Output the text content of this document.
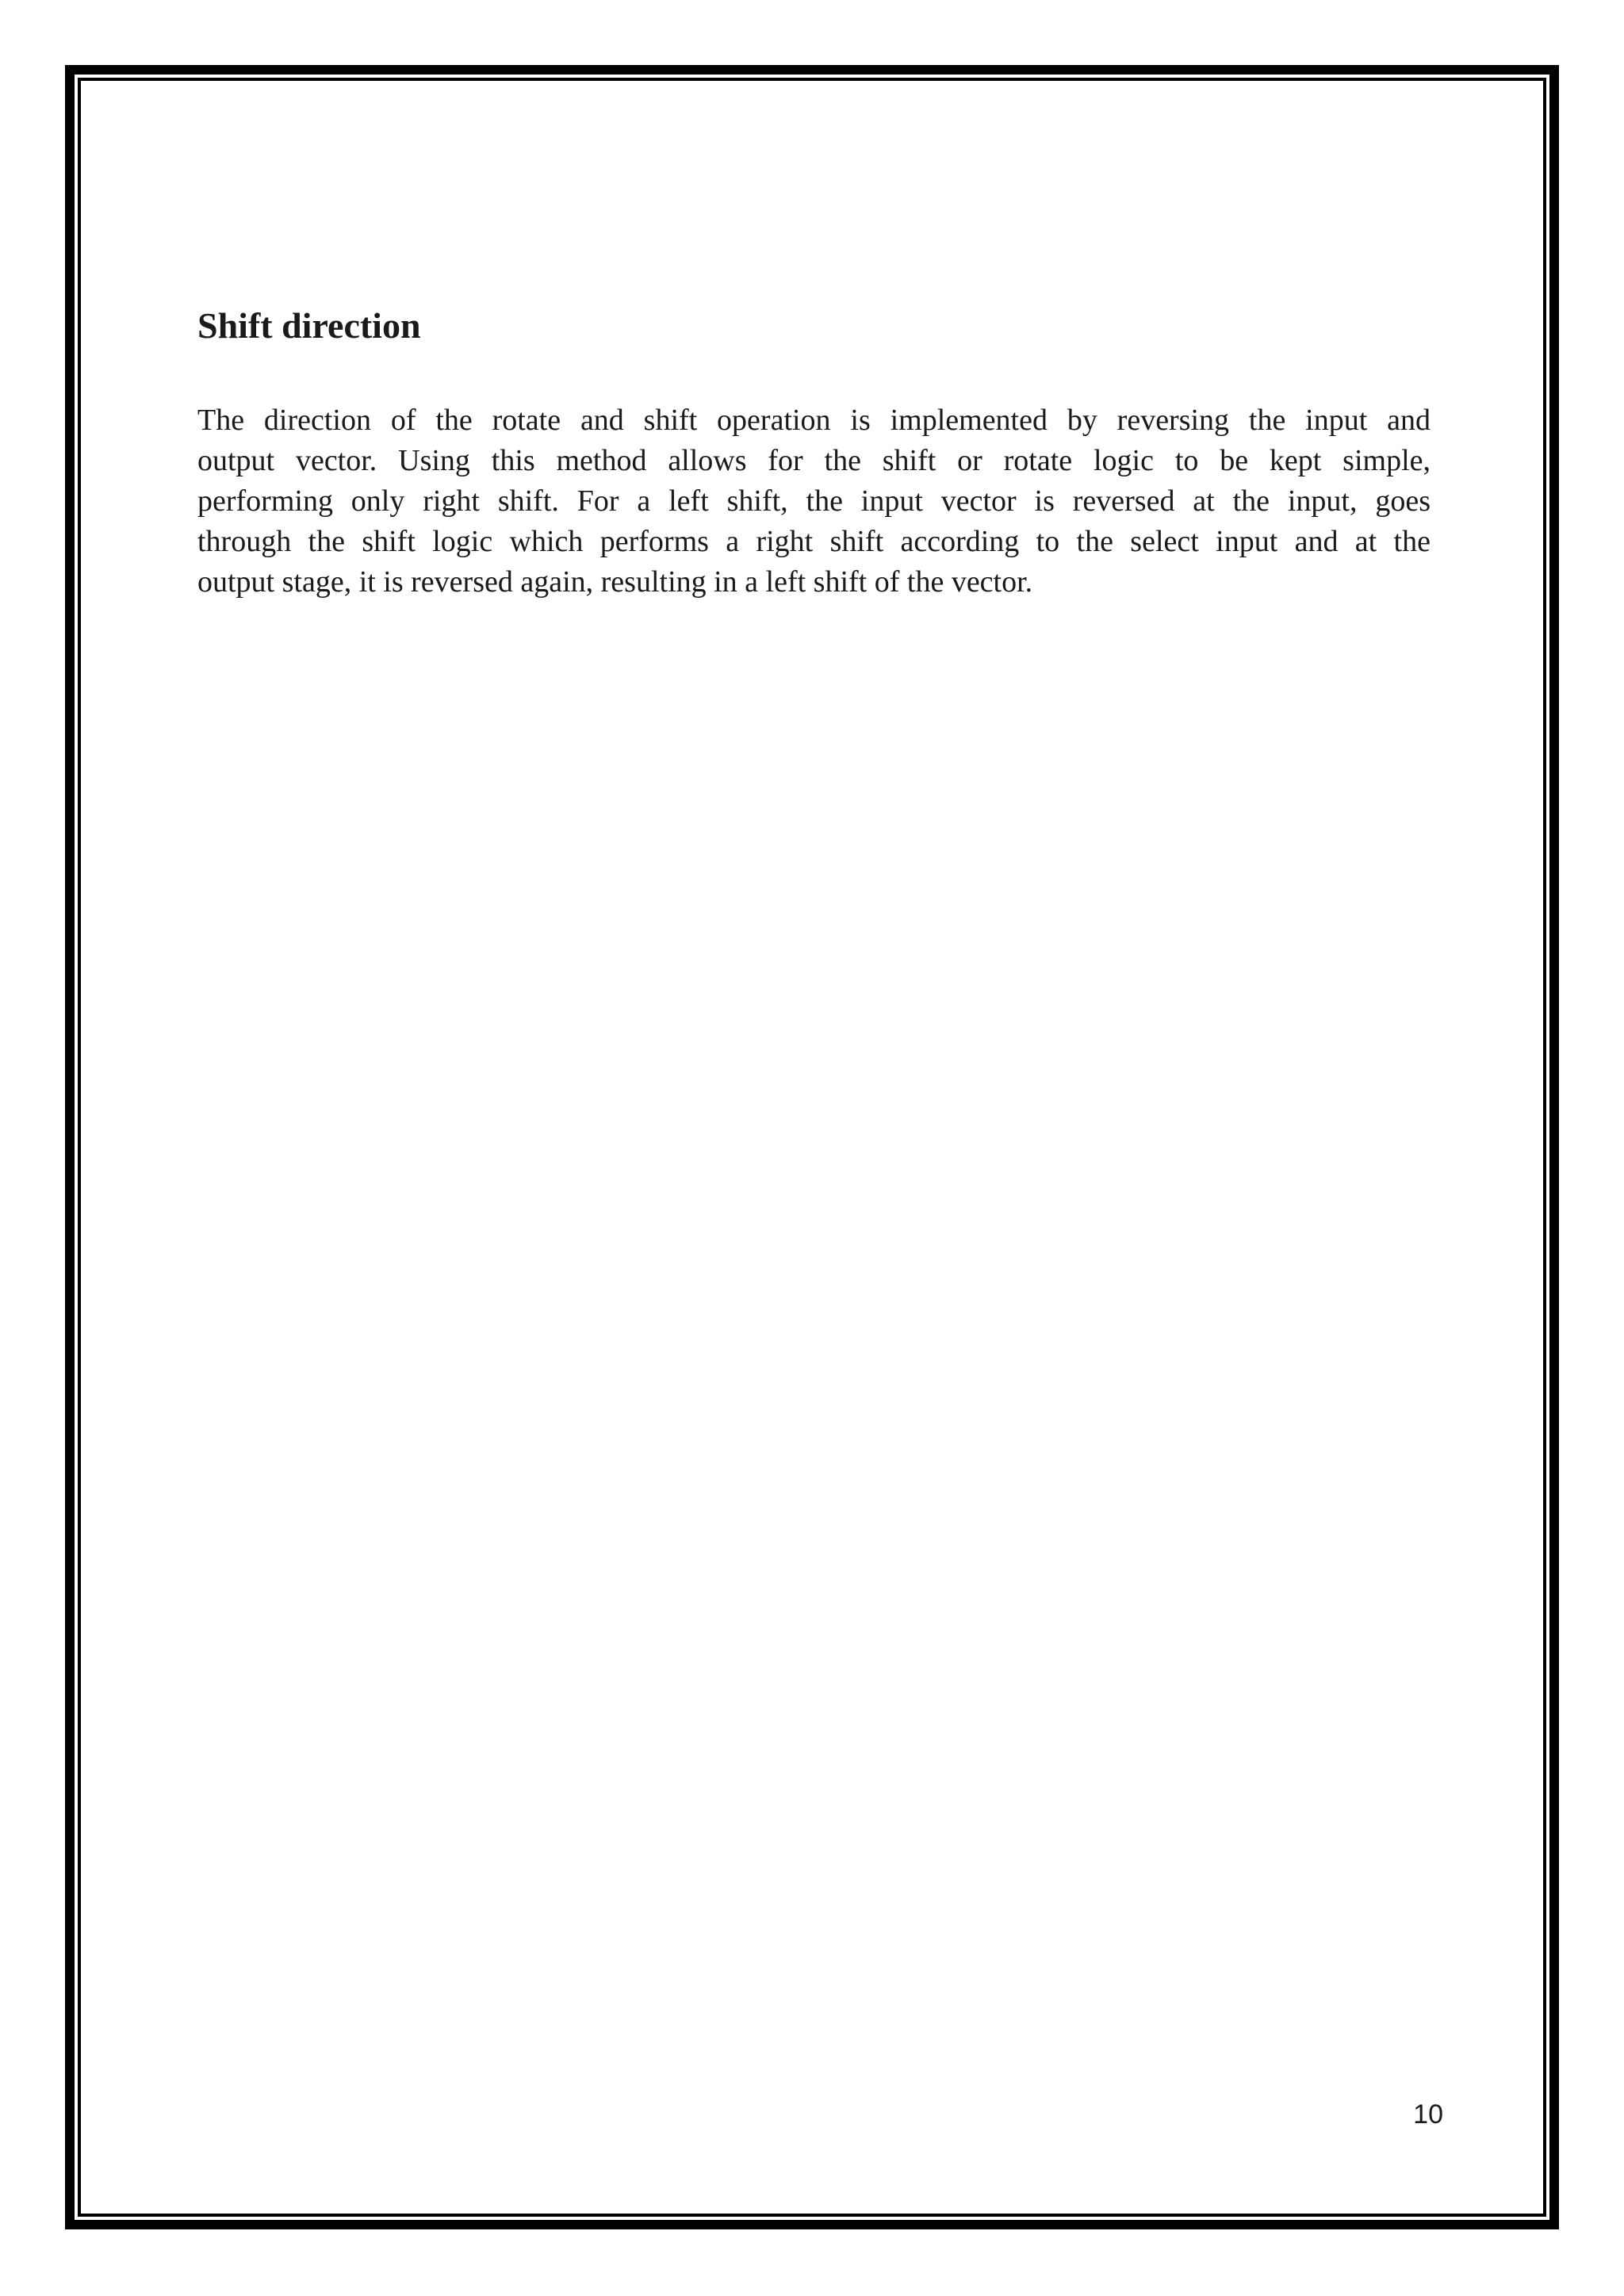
Shift direction
The direction of the rotate and shift operation is implemented by reversing the input and
output vector. Using this method allows for the shift or rotate logic to be kept simple,
performing only right shift. For a left shift, the input vector is reversed at the input, goes
through the shift logic which performs a right shift according to the select input and at the
output stage, it is reversed again, resulting in a left shift of the vector.
10
